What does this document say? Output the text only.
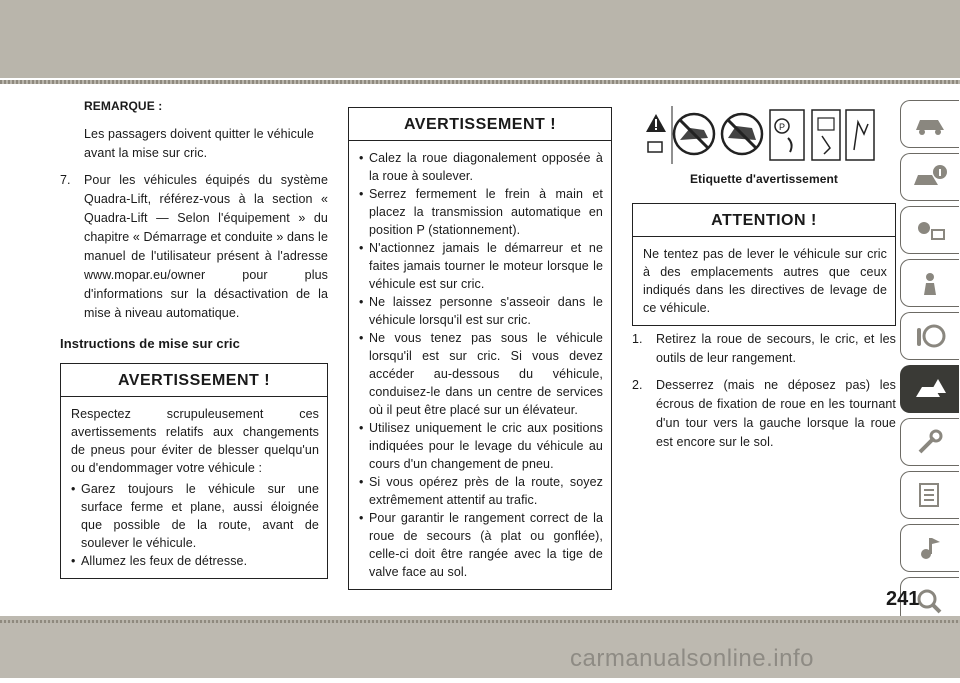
REMARQUE :
Les passagers doivent quitter le véhicule avant la mise sur cric.
7.	Pour les véhicules équipés du système Quadra-Lift, référez-vous à la section « Quadra-Lift — Selon l'équipement » du chapitre « Démarrage et conduite » dans le manuel de l'utilisateur présent à l'adresse www.mopar.eu/owner pour plus d'informations sur la désactivation de la mise à niveau automatique.
Instructions de mise sur cric
AVERTISSEMENT !
Respectez scrupuleusement ces avertissements relatifs aux changements de pneus pour éviter de blesser quelqu'un ou d'endommager votre véhicule :
• Garez toujours le véhicule sur une surface ferme et plane, aussi éloignée que possible de la route, avant de soulever le véhicule.
• Allumez les feux de détresse.
AVERTISSEMENT !
• Calez la roue diagonalement opposée à la roue à soulever.
• Serrez fermement le frein à main et placez la transmission automatique en position P (stationnement).
• N'actionnez jamais le démarreur et ne faites jamais tourner le moteur lorsque le véhicule est sur cric.
• Ne laissez personne s'asseoir dans le véhicule lorsqu'il est sur cric.
• Ne vous tenez pas sous le véhicule lorsqu'il est sur cric. Si vous devez accéder au-dessous du véhicule, conduisez-le dans un centre de services où il peut être placé sur un élévateur.
• Utilisez uniquement le cric aux positions indiquées pour le levage du véhicule au cours d'un changement de pneu.
• Si vous opérez près de la route, soyez extrêmement attentif au trafic.
• Pour garantir le rangement correct de la roue de secours (à plat ou gonflée), celle-ci doit être rangée avec la tige de valve face au sol.
P
Etiquette d'avertissement
ATTENTION !
Ne tentez pas de lever le véhicule sur cric à des emplacements autres que ceux indiqués dans les directives de levage de ce véhicule.
1.	Retirez la roue de secours, le cric, et les outils de leur rangement.
2.	Desserrez (mais ne déposez pas) les écrous de fixation de roue en les tournant d'un tour vers la gauche lorsque la roue est encore sur le sol.
241
carmanualsonline.info
